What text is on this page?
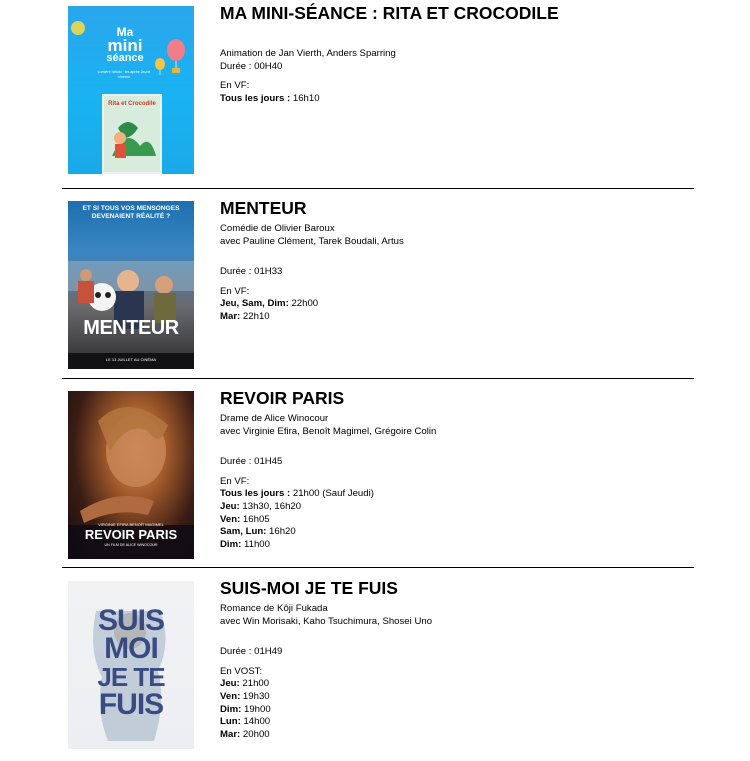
Ma
mini
séance
Lumière hebdo · les après·Jeune cinéma
Rita et Crocodile
MA MINI-SÉANCE : RITA ET CROCODILE
Animation de Jan Vierth, Anders Sparring
Durée : 00H40
En VF:
Tous les jours : 16h10
ET SI TOUS VOS MENSONGES DEVENAIENT RÉALITÉ ?
MENTEUR
LE 13 JUILLET AU CINÉMA
MENTEUR
Comédie de Olivier Baroux
avec Pauline Clément, Tarek Boudali, Artus
Durée : 01H33
En VF:
Jeu, Sam, Dim: 22h00
Mar: 22h10
VIRGINIE EFIRA BENOÎT MAGIMEL
REVOIR PARIS
UN FILM DE ALICE WINOCOUR
REVOIR PARIS
Drame de Alice Winocour
avec Virginie Efira, Benoît Magimel, Grégoire Colin
Durée : 01H45
En VF:
Tous les jours : 21h00 (Sauf Jeudi)
Jeu: 13h30, 16h20
Ven: 16h05
Sam, Lun: 16h20
Dim: 11h00
SUIS
MOI
JE TE
FUIS
SUIS-MOI JE TE FUIS
Romance de Kôji Fukada
avec Win Morisaki, Kaho Tsuchimura, Shosei Uno
Durée : 01H49
En VOST:
Jeu: 21h00
Ven: 19h30
Dim: 19h00
Lun: 14h00
Mar: 20h00
